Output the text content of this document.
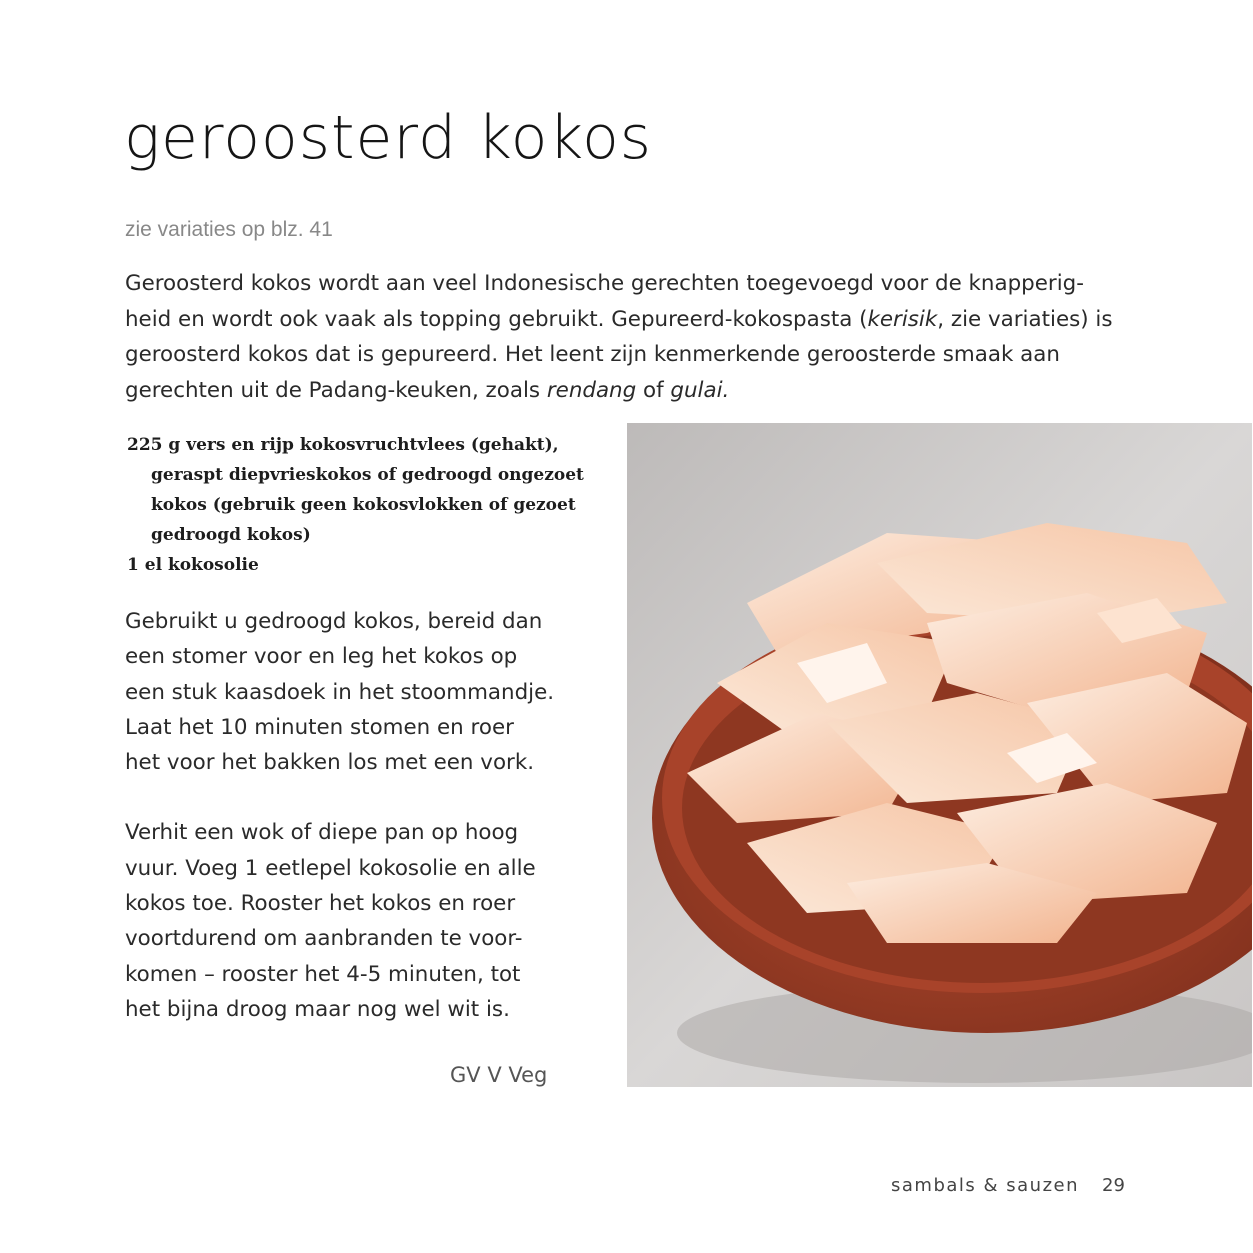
geroosterd kokos
zie variaties op blz. 41

Geroosterd kokos wordt aan veel Indonesische gerechten toegevoegd voor de knapperig-heid en wordt ook vaak als topping gebruikt. Gepureerd-kokospasta (kerisik, zie variaties) is geroosterd kokos dat is gepureerd. Het leent zijn kenmerkende geroosterde smaak aan gerechten uit de Padang-keuken, zoals rendang of gulai.

225 g vers en rijp kokosvruchtvlees (gehakt), geraspt diepvrieskokos of gedroogd ongezoet kokos (gebruik geen kokosvlokken of gezoet gedroogd kokos)
1 el kokosolie

Gebruikt u gedroogd kokos, bereid dan een stomer voor en leg het kokos op een stuk kaasdoek in het stoommandje. Laat het 10 minuten stomen en roer het voor het bakken los met een vork.

Verhit een wok of diepe pan op hoog vuur. Voeg 1 eetlepel kokosolie en alle kokos toe. Rooster het kokos en roer voortdurend om aanbranden te voor-komen – rooster het 4-5 minuten, tot het bijna droog maar nog wel wit is.

GV V Veg
sambals & sauzen 29
